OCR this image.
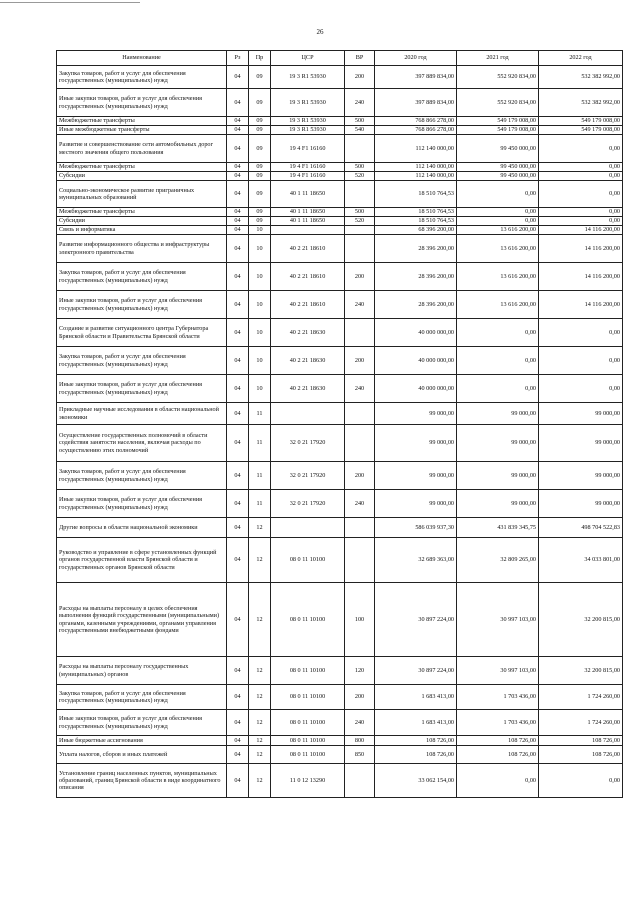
26
Наименование	Рз	Пр	ЦСР	ВР	2020 год	2021 год	2022 год
Закупка товаров, работ и услуг для обеспечения государственных (муниципальных) нужд	04	09	19 3 R1 53930	200	397 889 834,00	552 920 834,00	532 382 992,00
Иные закупки товаров, работ и услуг для обеспечения государственных (муниципальных) нужд	04	09	19 3 R1 53930	240	397 889 834,00	552 920 834,00	532 382 992,00
Межбюджетные трансферты	04	09	19 3 R1 53930	500	768 866 278,00	549 179 008,00	549 179 008,00
Иные межбюджетные трансферты	04	09	19 3 R1 53930	540	768 866 278,00	549 179 008,00	549 179 008,00
Развитие и совершенствование сети автомобильных дорог местного значения общего пользования	04	09	19 4 F1 16160		112 140 000,00	99 450 000,00	0,00
Межбюджетные трансферты	04	09	19 4 F1 16160	500	112 140 000,00	99 450 000,00	0,00
Субсидии	04	09	19 4 F1 16160	520	112 140 000,00	99 450 000,00	0,00
Социально-экономическое развитие приграничных муниципальных образований	04	09	40 1 11 18650		18 510 764,53	0,00	0,00
Межбюджетные трансферты	04	09	40 1 11 18650	500	18 510 764,53	0,00	0,00
Субсидии	04	09	40 1 11 18650	520	18 510 764,53	0,00	0,00
Связь и информатика	04	10			68 396 200,00	13 616 200,00	14 116 200,00
Развитие информационного общества и инфраструктуры электронного правительства	04	10	40 2 21 18610		28 396 200,00	13 616 200,00	14 116 200,00
Закупка товаров, работ и услуг для обеспечения государственных (муниципальных) нужд	04	10	40 2 21 18610	200	28 396 200,00	13 616 200,00	14 116 200,00
Иные закупки товаров, работ и услуг для обеспечения государственных (муниципальных) нужд	04	10	40 2 21 18610	240	28 396 200,00	13 616 200,00	14 116 200,00
Создание и развитие ситуационного центра Губернатора Брянской области и Правительства Брянской области	04	10	40 2 21 18630		40 000 000,00	0,00	0,00
Закупка товаров, работ и услуг для обеспечения государственных (муниципальных) нужд	04	10	40 2 21 18630	200	40 000 000,00	0,00	0,00
Иные закупки товаров, работ и услуг для обеспечения государственных (муниципальных) нужд	04	10	40 2 21 18630	240	40 000 000,00	0,00	0,00
Прикладные научные исследования в области национальной экономики	04	11			99 000,00	99 000,00	99 000,00
Осуществление государственных полномочий в области содействия занятости населения, включая расходы по осуществлению этих полномочий	04	11	32 0 21 17920		99 000,00	99 000,00	99 000,00
Закупка товаров, работ и услуг для обеспечения государственных (муниципальных) нужд	04	11	32 0 21 17920	200	99 000,00	99 000,00	99 000,00
Иные закупки товаров, работ и услуг для обеспечения государственных (муниципальных) нужд	04	11	32 0 21 17920	240	99 000,00	99 000,00	99 000,00
Другие вопросы в области национальной экономики	04	12			586 039 937,30	431 839 345,75	498 704 522,83
Руководство и управление в сфере установленных функций органов государственной власти Брянской области и государственных органов Брянской области	04	12	08 0 11 10100		32 689 363,00	32 809 265,00	34 033 801,00
Расходы на выплаты персоналу в целях обеспечения выполнения функций государственными (муниципальными) органами, казенными учреждениями, органами управления государственными внебюджетными фондами	04	12	08 0 11 10100	100	30 897 224,00	30 997 103,00	32 200 815,00
Расходы на выплаты персоналу государственных (муниципальных) органов	04	12	08 0 11 10100	120	30 897 224,00	30 997 103,00	32 200 815,00
Закупка товаров, работ и услуг для обеспечения государственных (муниципальных) нужд	04	12	08 0 11 10100	200	1 683 413,00	1 703 436,00	1 724 260,00
Иные закупки товаров, работ и услуг для обеспечения государственных (муниципальных) нужд	04	12	08 0 11 10100	240	1 683 413,00	1 703 436,00	1 724 260,00
Иные бюджетные ассигнования	04	12	08 0 11 10100	800	108 726,00	108 726,00	108 726,00
Уплата налогов, сборов и иных платежей	04	12	08 0 11 10100	850	108 726,00	108 726,00	108 726,00
Установление границ населенных пунктов, муниципальных образований, границ Брянской области в виде координатного описания	04	12	11 0 12 13290		33 062 154,00	0,00	0,00
